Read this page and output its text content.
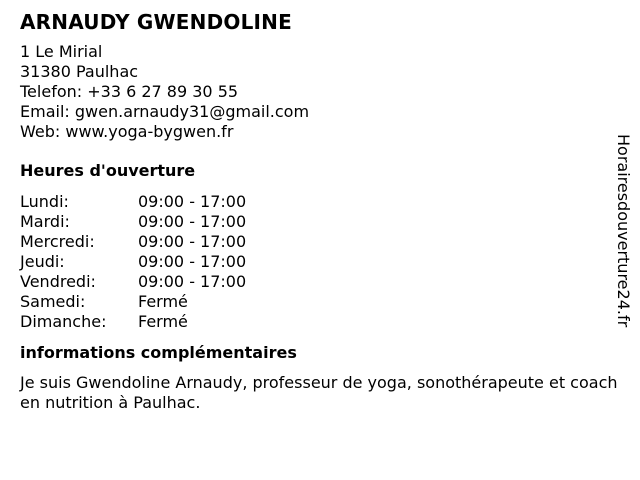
ARNAUDY GWENDOLINE
1 Le Mirial
31380 Paulhac
Telefon: +33 6 27 89 30 55
Email: gwen.arnaudy31@gmail.com
Web: www.yoga-bygwen.fr
Heures d'ouverture
Lundi:	09:00 - 17:00
Mardi:	09:00 - 17:00
Mercredi:	09:00 - 17:00
Jeudi:	09:00 - 17:00
Vendredi:	09:00 - 17:00
Samedi:	Fermé
Dimanche:	Fermé
informations complémentaires
Je suis Gwendoline Arnaudy, professeur de yoga, sonothérapeute et coach en nutrition à Paulhac.
Horairesdouverture24.fr
